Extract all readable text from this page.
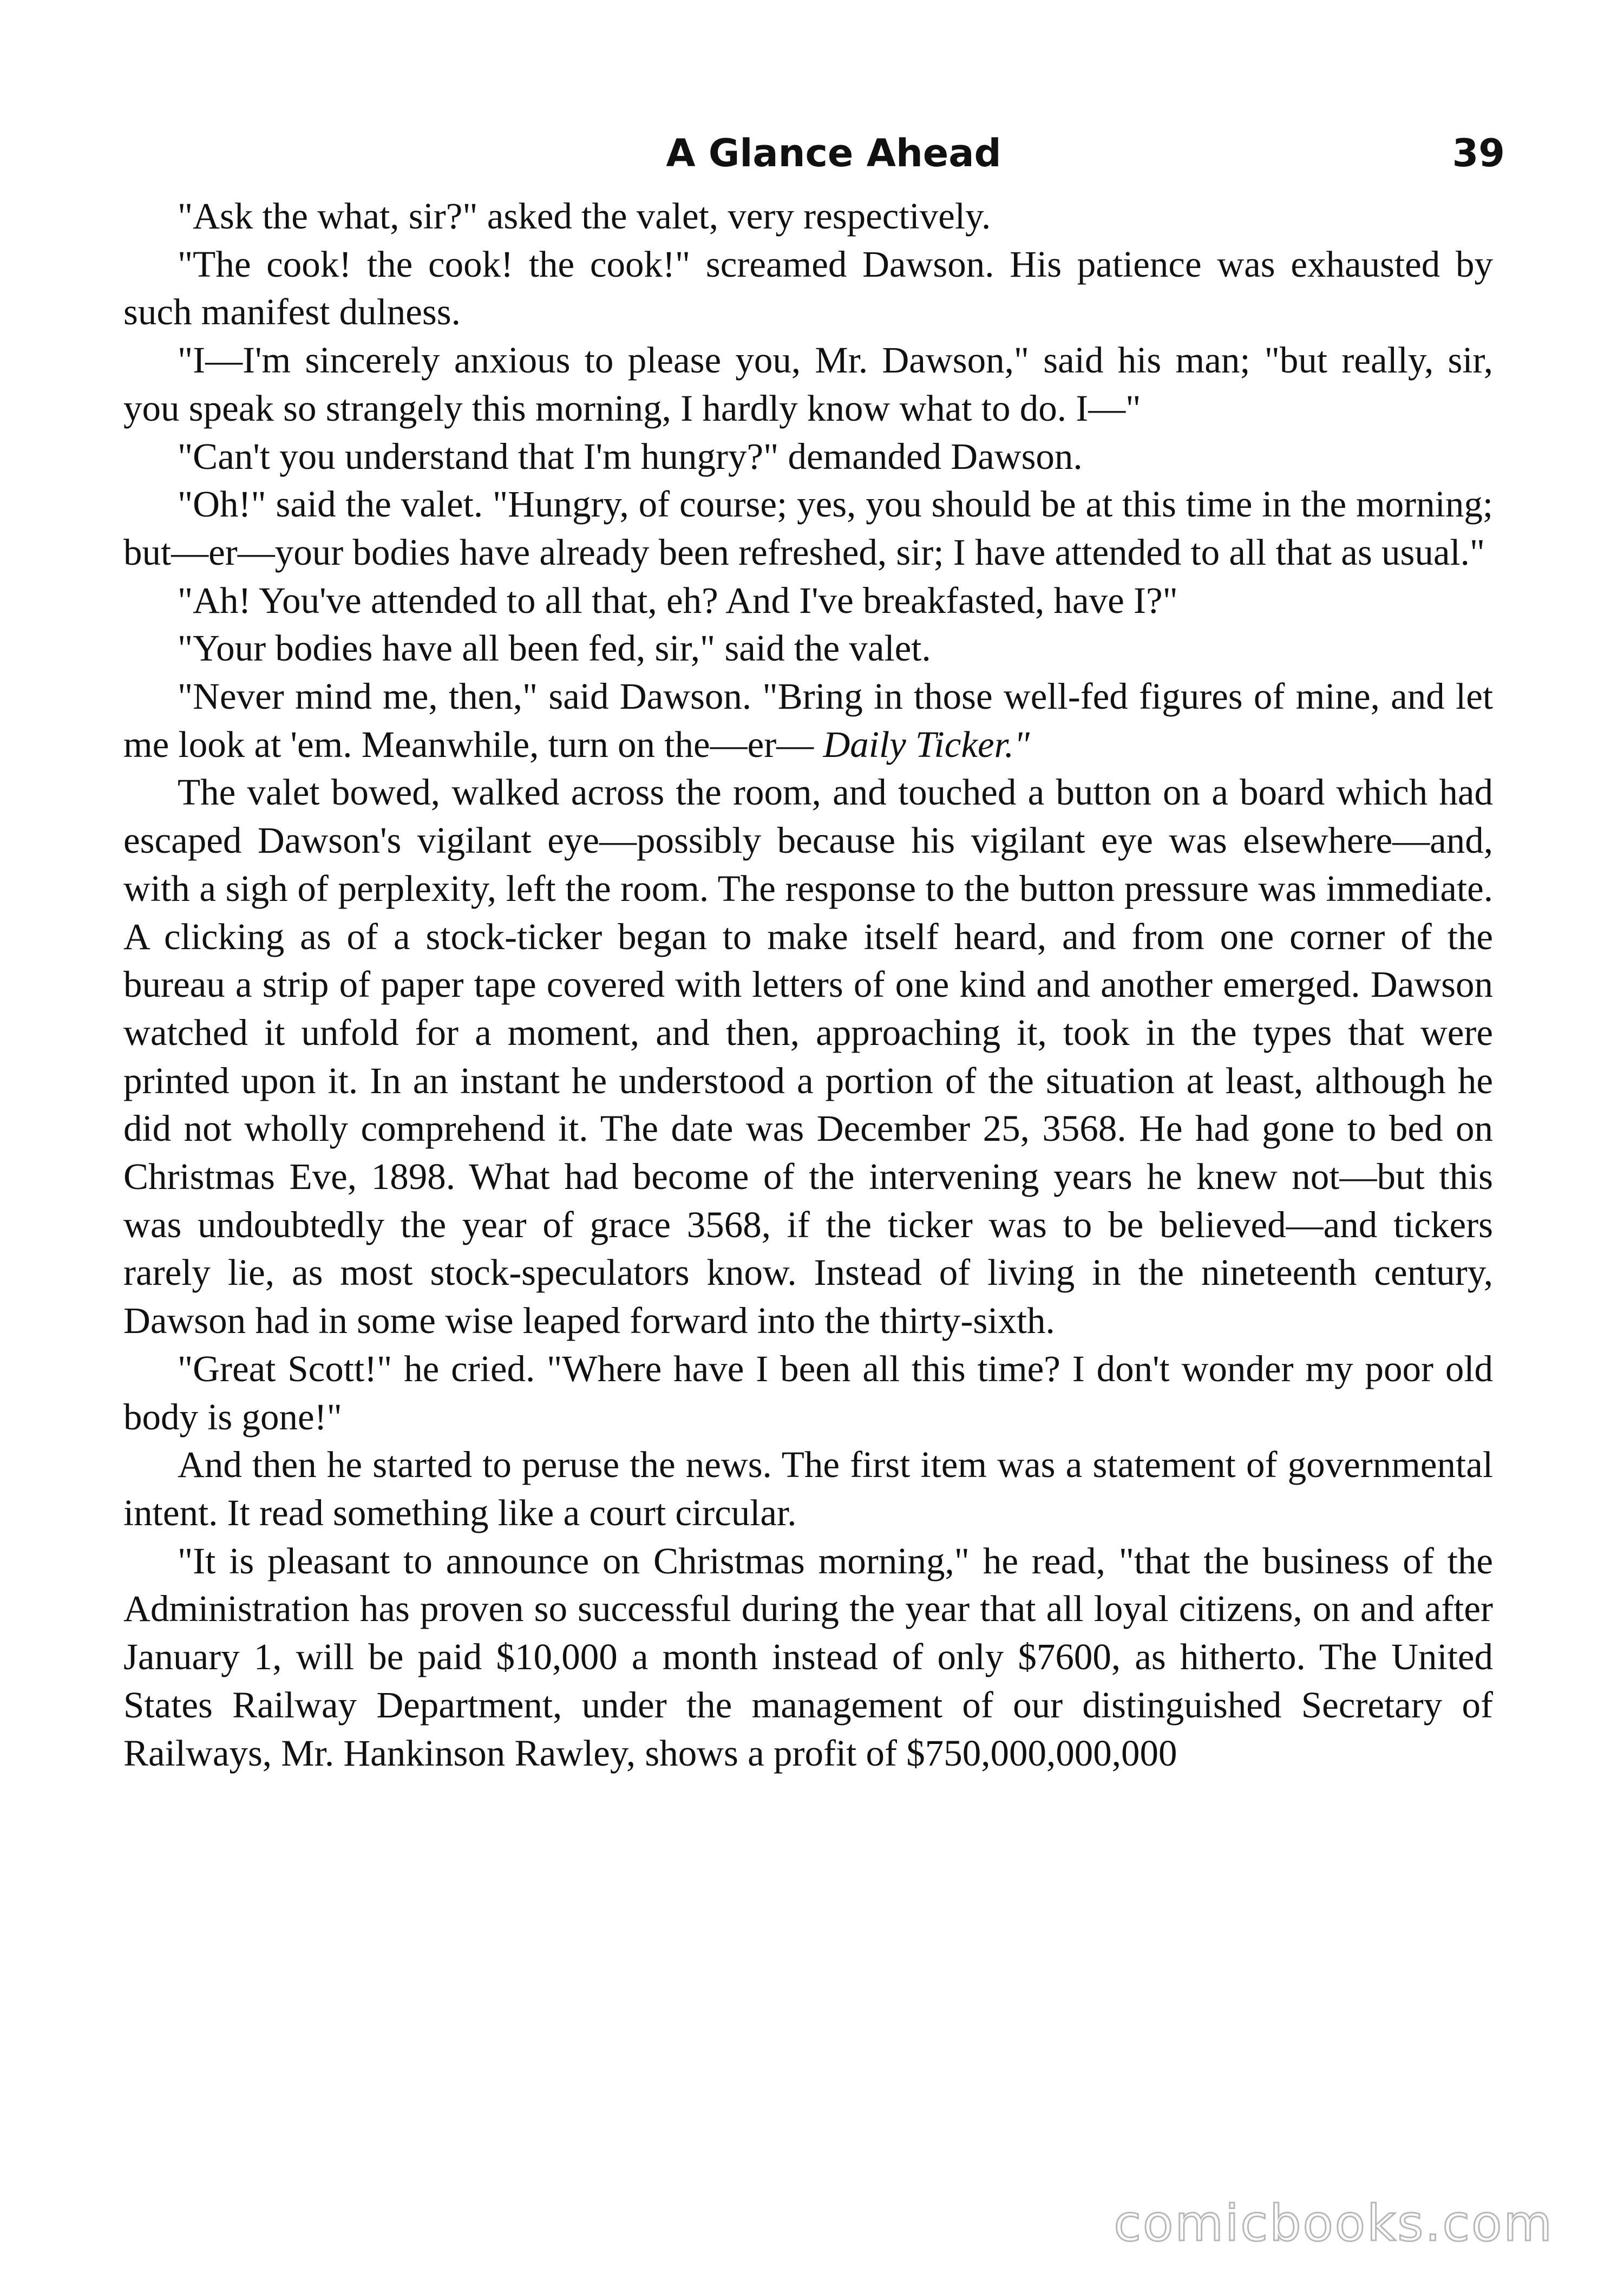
A Glance Ahead	39

"Ask the what, sir?" asked the valet, very respectively.

"The cook! the cook! the cook!" screamed Dawson. His patience was exhausted by such manifest dulness.

"I—I'm sincerely anxious to please you, Mr. Dawson," said his man; "but really, sir, you speak so strangely this morning, I hardly know what to do. I—"

"Can't you understand that I'm hungry?" demanded Dawson.

"Oh!" said the valet. "Hungry, of course; yes, you should be at this time in the morning; but—er—your bodies have already been refreshed, sir; I have attended to all that as usual."

"Ah! You've attended to all that, eh? And I've breakfasted, have I?"

"Your bodies have all been fed, sir," said the valet.

"Never mind me, then," said Dawson. "Bring in those well-fed figures of mine, and let me look at 'em. Meanwhile, turn on the—er— Daily Ticker."

The valet bowed, walked across the room, and touched a button on a board which had escaped Dawson's vigilant eye—possibly because his vigilant eye was elsewhere—and, with a sigh of perplexity, left the room. The response to the button pressure was immediate. A clicking as of a stock-ticker began to make itself heard, and from one corner of the bureau a strip of paper tape covered with letters of one kind and another emerged. Dawson watched it unfold for a moment, and then, approaching it, took in the types that were printed upon it. In an instant he understood a portion of the situation at least, although he did not wholly comprehend it. The date was December 25, 3568. He had gone to bed on Christmas Eve, 1898. What had become of the intervening years he knew not—but this was undoubtedly the year of grace 3568, if the ticker was to be believed—and tickers rarely lie, as most stock-speculators know. Instead of living in the nineteenth century, Dawson had in some wise leaped forward into the thirty-sixth.

"Great Scott!" he cried. "Where have I been all this time? I don't wonder my poor old body is gone!"

And then he started to peruse the news. The first item was a statement of governmental intent. It read something like a court circular.

"It is pleasant to announce on Christmas morning," he read, "that the business of the Administration has proven so successful during the year that all loyal citizens, on and after January 1, will be paid $10,000 a month instead of only $7600, as hitherto. The United States Railway Department, under the management of our distinguished Secretary of Railways, Mr. Hankinson Rawley, shows a profit of $750,000,000,000

comicbooks.com
